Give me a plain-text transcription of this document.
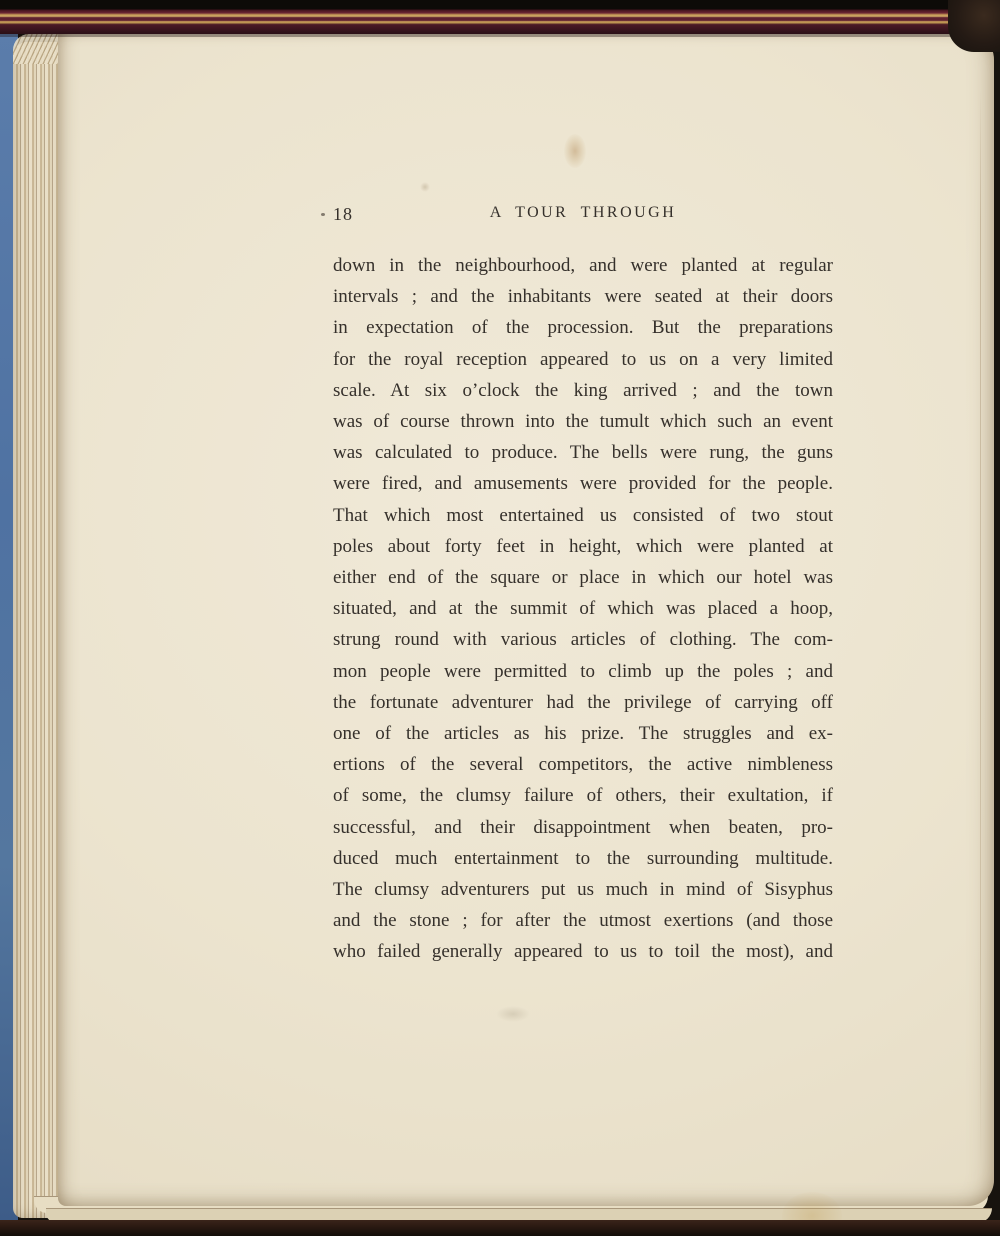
18	A TOUR THROUGH
down in the neighbourhood, and were planted at regular
intervals ; and the inhabitants were seated at their doors
in expectation of the procession. But the preparations
for the royal reception appeared to us on a very limited
scale. At six o’clock the king arrived ; and the town
was of course thrown into the tumult which such an event
was calculated to produce. The bells were rung, the guns
were fired, and amusements were provided for the people.
That which most entertained us consisted of two stout
poles about forty feet in height, which were planted at
either end of the square or place in which our hotel was
situated, and at the summit of which was placed a hoop,
strung round with various articles of clothing. The com-
mon people were permitted to climb up the poles ; and
the fortunate adventurer had the privilege of carrying off
one of the articles as his prize. The struggles and ex-
ertions of the several competitors, the active nimbleness
of some, the clumsy failure of others, their exultation, if
successful, and their disappointment when beaten, pro-
duced much entertainment to the surrounding multitude.
The clumsy adventurers put us much in mind of Sisyphus
and the stone ; for after the utmost exertions (and those
who failed generally appeared to us to toil the most), and
